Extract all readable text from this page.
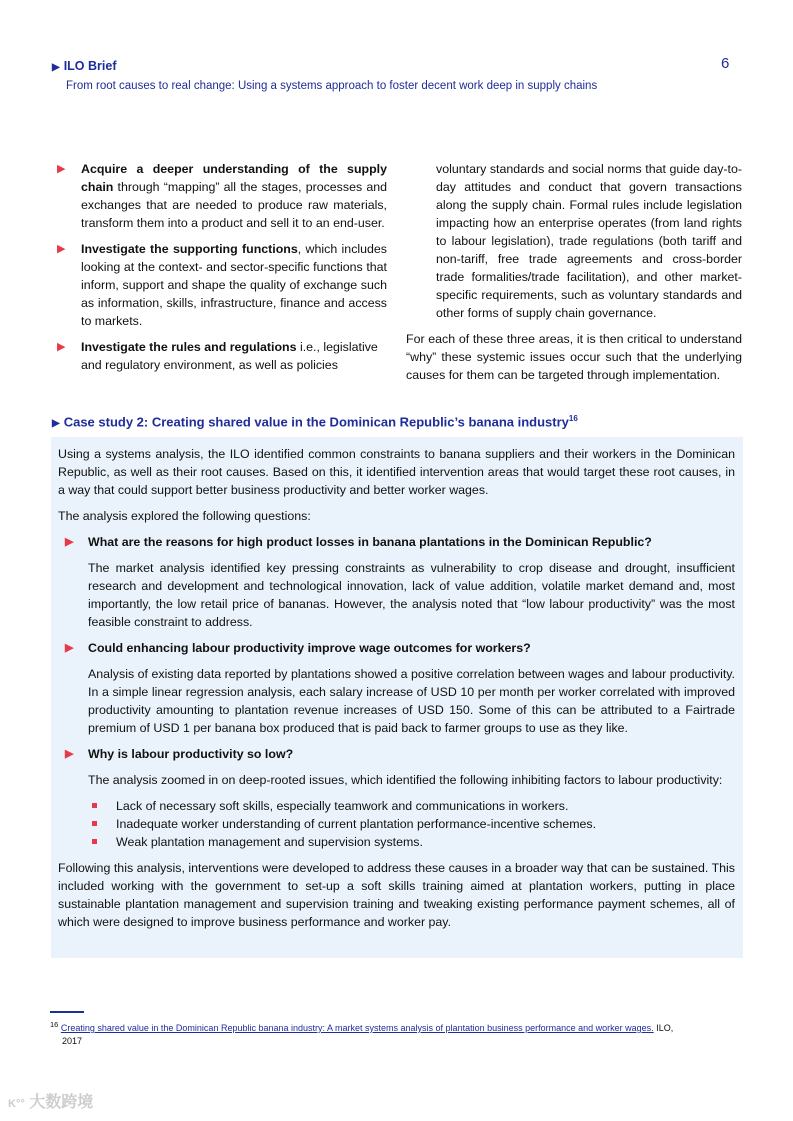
▶ ILO Brief
From root causes to real change: Using a systems approach to foster decent work deep in supply chains
6
▶ Acquire a deeper understanding of the supply chain through “mapping” all the stages, processes and exchanges that are needed to produce raw materials, transform them into a product and sell it to an end-user.
▶ Investigate the supporting functions, which includes looking at the context- and sector-specific functions that inform, support and shape the quality of exchange such as information, skills, infrastructure, finance and access to markets.
▶ Investigate the rules and regulations i.e., legislative and regulatory environment, as well as policies
voluntary standards and social norms that guide day-to-day attitudes and conduct that govern transactions along the supply chain. Formal rules include legislation impacting how an enterprise operates (from land rights to labour legislation), trade regulations (both tariff and non-tariff, free trade agreements and cross-border trade formalities/trade facilitation), and other market-specific requirements, such as voluntary standards and other forms of supply chain governance.
For each of these three areas, it is then critical to understand “why” these systemic issues occur such that the underlying causes for them can be targeted through implementation.
▶ Case study 2: Creating shared value in the Dominican Republic’s banana industry$^{16}$

Using a systems analysis, the ILO identified common constraints to banana suppliers and their workers in the Dominican Republic, as well as their root causes. Based on this, it identified intervention areas that would target these root causes, in a way that could support better business productivity and better worker wages.

The analysis explored the following questions:

▶ What are the reasons for high product losses in banana plantations in the Dominican Republic?

The market analysis identified key pressing constraints as vulnerability to crop disease and drought, insufficient research and development and technological innovation, lack of value addition, volatile market demand and, most importantly, the low retail price of bananas. However, the analysis noted that “low labour productivity” was the most feasible constraint to address.

▶ Could enhancing labour productivity improve wage outcomes for workers?

Analysis of existing data reported by plantations showed a positive correlation between wages and labour productivity. In a simple linear regression analysis, each salary increase of USD 10 per month per worker correlated with improved productivity amounting to plantation revenue increases of USD 150. Some of this can be attributed to a Fairtrade premium of USD 1 per banana box produced that is paid back to farmer groups to use as they like.

▶ Why is labour productivity so low?

The analysis zoomed in on deep-rooted issues, which identified the following inhibiting factors to labour productivity:

Lack of necessary soft skills, especially teamwork and communications in workers.
Inadequate worker understanding of current plantation performance-incentive schemes.
Weak plantation management and supervision systems.

Following this analysis, interventions were developed to address these causes in a broader way that can be sustained. This included working with the government to set-up a soft skills training aimed at plantation workers, putting in place sustainable plantation management and supervision training and tweaking existing performance payment schemes, all of which were designed to improve business performance and worker pay.

$^{16}$ Creating shared value in the Dominican Republic banana industry: A market systems analysis of plantation business performance and worker wages. ILO,
2017
K°° 大数跨境
